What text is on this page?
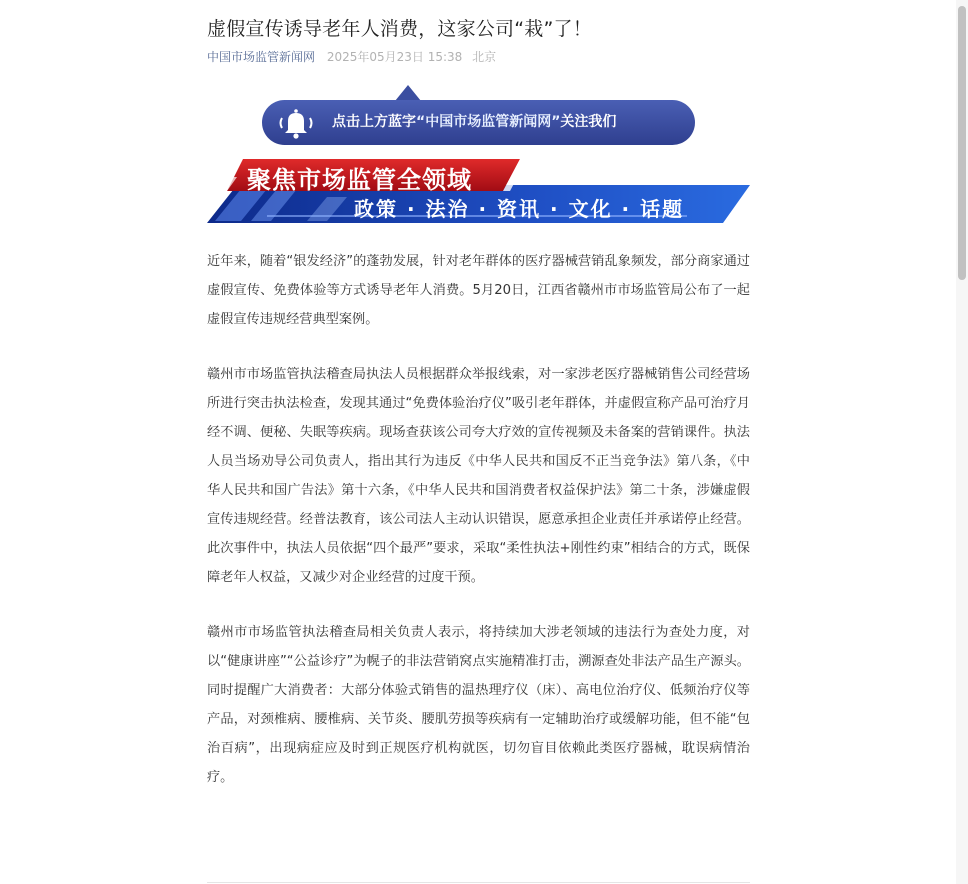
虚假宣传诱导老年人消费，这家公司“栽”了！
中国市场监管新闻网 2025年05月23日 15:38 北京
点击上方蓝字“中国市场监管新闻网”关注我们
聚焦市场监管全领域
政策 · 法治 · 资讯 · 文化 · 话题

近年来，随着“银发经济”的蓬勃发展，针对老年群体的医疗器械营销乱象频发，部分商家通过虚假宣传、免费体验等方式诱导老年人消费。5月20日，江西省赣州市市场监管局公布了一起虚假宣传违规经营典型案例。

赣州市市场监管执法稽查局执法人员根据群众举报线索，对一家涉老医疗器械销售公司经营场所进行突击执法检查，发现其通过“免费体验治疗仪”吸引老年群体，并虚假宣称产品可治疗月经不调、便秘、失眠等疾病。现场查获该公司夸大疗效的宣传视频及未备案的营销课件。执法人员当场劝导公司负责人，指出其行为违反《中华人民共和国反不正当竞争法》第八条，《中华人民共和国广告法》第十六条，《中华人民共和国消费者权益保护法》第二十条，涉嫌虚假宣传违规经营。经普法教育，该公司法人主动认识错误，愿意承担企业责任并承诺停止经营。此次事件中，执法人员依据“四个最严”要求，采取“柔性执法+刚性约束”相结合的方式，既保障老年人权益，又减少对企业经营的过度干预。

赣州市市场监管执法稽查局相关负责人表示，将持续加大涉老领域的违法行为查处力度，对以“健康讲座”“公益诊疗”为幌子的非法营销窝点实施精准打击，溯源查处非法产品生产源头。同时提醒广大消费者：大部分体验式销售的温热理疗仪（床）、高电位治疗仪、低频治疗仪等产品，对颈椎病、腰椎病、关节炎、腰肌劳损等疾病有一定辅助治疗或缓解功能，但不能“包治百病”，出现病症应及时到正规医疗机构就医，切勿盲目依赖此类医疗器械，耽误病情治疗。
